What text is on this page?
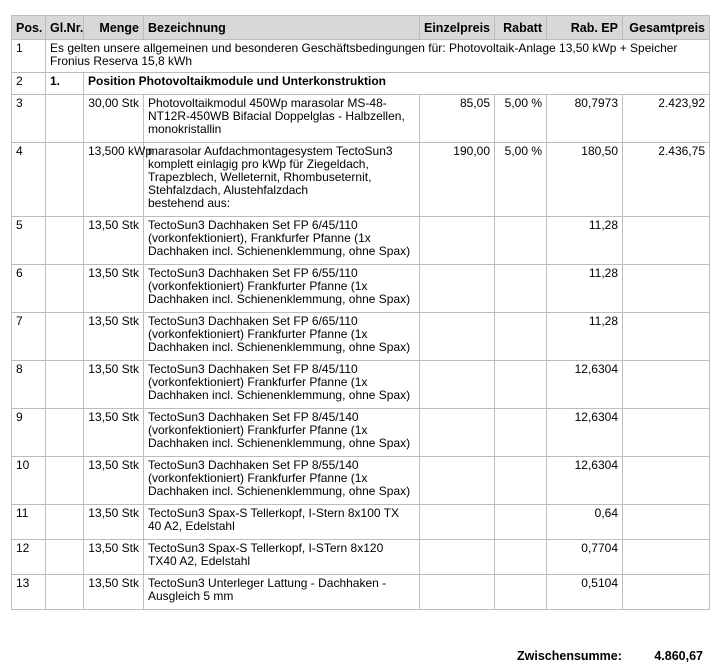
Pos.	Gl.Nr.	Menge	Bezeichnung	Einzelpreis	Rabatt	Rab. EP	Gesamtpreis
1	Es gelten unsere allgemeinen und besonderen Geschäftsbedingungen für: Photovoltaik-Anlage 13,50 kWp + Speicher
Fronius Reserva 15,8 kWh						
2	1.	Position Photovoltaikmodule und Unterkonstruktion					
3		30,00 Stk	Photovoltaikmodul 450Wp marasolar MS-48-
NT12R-450WB Bifacial Doppelglas - Halbzellen,
monokristallin	85,05	5,00 %	80,7973	2.423,92
4		13,500 kWp	marasolar Aufdachmontagesystem TectoSun3
komplett einlagig pro kWp für Ziegeldach,
Trapezblech, Welleternit, Rhombuseternit,
Stehfalzdach, Alustehfalzdach
bestehend aus:	190,00	5,00 %	180,50	2.436,75
5		13,50 Stk	TectoSun3 Dachhaken Set FP 6/45/110
(vorkonfektioniert), Frankfurfer Pfanne (1x
Dachhaken incl. Schienenklemmung, ohne Spax)			11,28	
6		13,50 Stk	TectoSun3 Dachhaken Set FP 6/55/110
(vorkonfektioniert) Frankfurter Pfanne (1x
Dachhaken incl. Schienenklemmung, ohne Spax)			11,28	
7		13,50 Stk	TectoSun3 Dachhaken Set FP 6/65/110
(vorkonfektioniert) Frankfurter Pfanne (1x
Dachhaken incl. Schienenklemmung, ohne Spax)			11,28	
8		13,50 Stk	TectoSun3 Dachhaken Set FP 8/45/110
(vorkonfektioniert) Frankfurfer Pfanne (1x
Dachhaken incl. Schienenklemmung, ohne Spax)			12,6304	
9		13,50 Stk	TectoSun3 Dachhaken Set FP 8/45/140
(vorkonfektioniert) Frankfurfer Pfanne (1x
Dachhaken incl. Schienenklemmung, ohne Spax)			12,6304	
10		13,50 Stk	TectoSun3 Dachhaken Set FP 8/55/140
(vorkonfektioniert) Frankfurfer Pfanne (1x
Dachhaken incl. Schienenklemmung, ohne Spax)			12,6304	
11		13,50 Stk	TectoSun3 Spax-S Tellerkopf, I-Stern 8x100 TX
40 A2, Edelstahl			0,64	
12		13,50 Stk	TectoSun3 Spax-S Tellerkopf, I-STern 8x120
TX40 A2, Edelstahl			0,7704	
13		13,50 Stk	TectoSun3 Unterleger Lattung - Dachhaken -
Ausgleich 5 mm			0,5104	
Zwischensumme:	4.860,67
